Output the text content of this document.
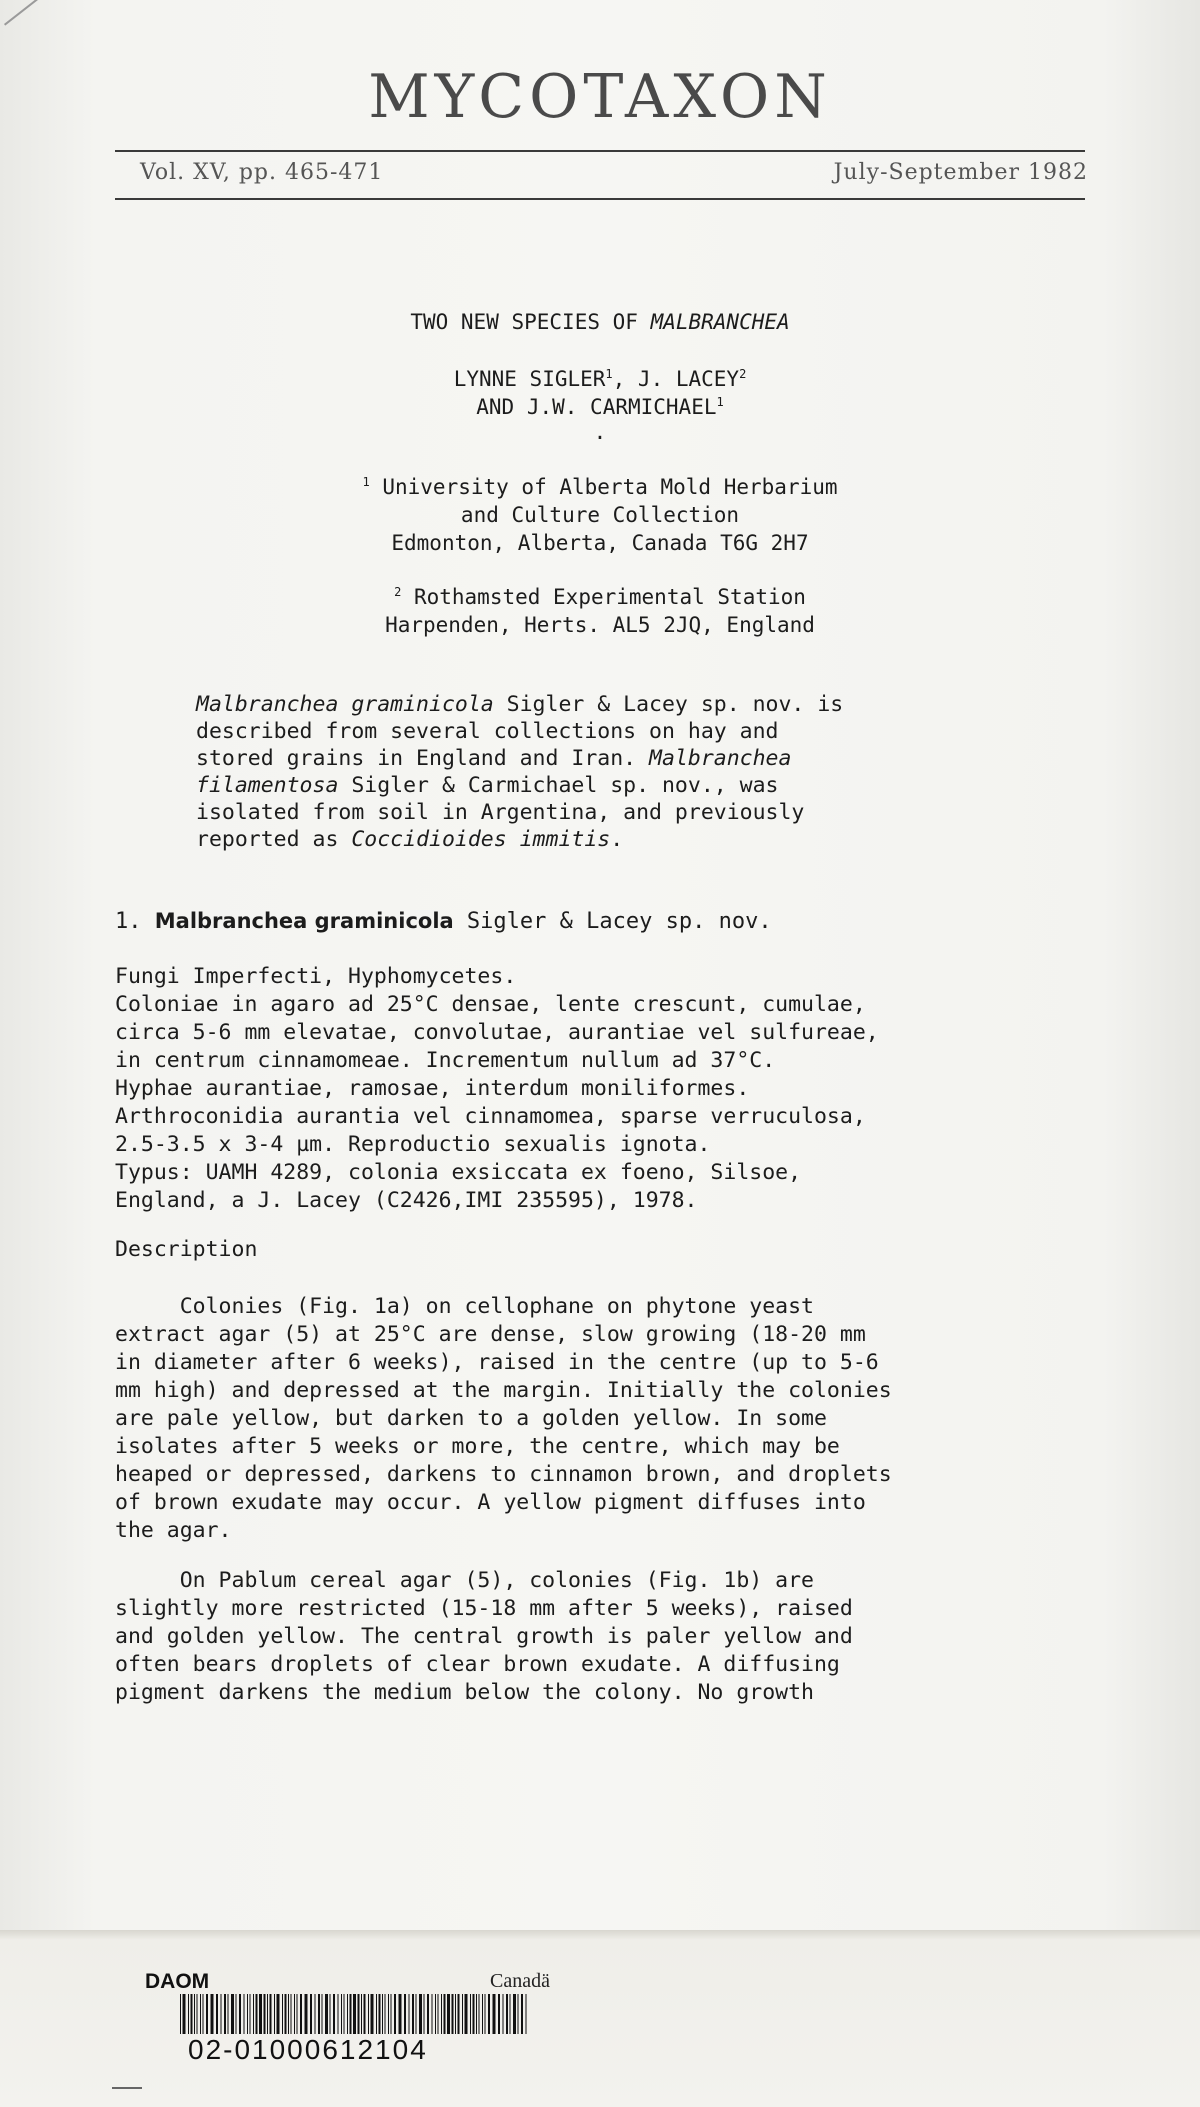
MYCOTAXON
Vol. XV, pp. 465-471	July-September 1982
TWO NEW SPECIES OF MALBRANCHEA
LYNNE SIGLER$^1$, J. LACEY$^2$
AND J.W. CARMICHAEL$^1$
.
$^1$ University of Alberta Mold Herbarium
and Culture Collection
Edmonton, Alberta, Canada T6G 2H7
$^2$ Rothamsted Experimental Station
Harpenden, Herts. AL5 2JQ, England
Malbranchea graminicola Sigler & Lacey sp. nov. is
described from several collections on hay and
stored grains in England and Iran. Malbranchea
filamentosa Sigler & Carmichael sp. nov., was
isolated from soil in Argentina, and previously
reported as Coccidioides immitis.
1. Malbranchea graminicola Sigler & Lacey sp. nov.
Fungi Imperfecti, Hyphomycetes.
Coloniae in agaro ad 25°C densae, lente crescunt, cumulae,
circa 5-6 mm elevatae, convolutae, aurantiae vel sulfureae,
in centrum cinnamomeae. Incrementum nullum ad 37°C.
Hyphae aurantiae, ramosae, interdum moniliformes.
Arthroconidia aurantia vel cinnamomea, sparse verruculosa,
2.5-3.5 x 3-4 µm. Reproductio sexualis ignota.
Typus: UAMH 4289, colonia exsiccata ex foeno, Silsoe,
England, a J. Lacey (C2426,IMI 235595), 1978.
Description
Colonies (Fig. 1a) on cellophane on phytone yeast
extract agar (5) at 25°C are dense, slow growing (18-20 mm
in diameter after 6 weeks), raised in the centre (up to 5-6
mm high) and depressed at the margin. Initially the colonies
are pale yellow, but darken to a golden yellow. In some
isolates after 5 weeks or more, the centre, which may be
heaped or depressed, darkens to cinnamon brown, and droplets
of brown exudate may occur. A yellow pigment diffuses into
the agar.
On Pablum cereal agar (5), colonies (Fig. 1b) are
slightly more restricted (15-18 mm after 5 weeks), raised
and golden yellow. The central growth is paler yellow and
often bears droplets of clear brown exudate. A diffusing
pigment darkens the medium below the colony. No growth
DAOM	Canadä
02-01000612104
